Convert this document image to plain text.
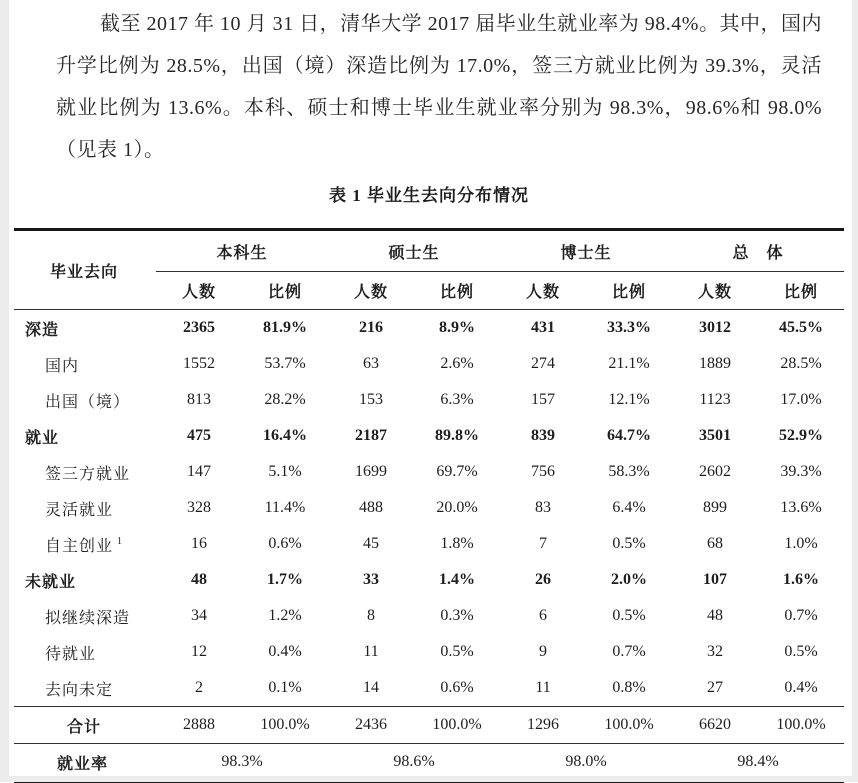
截至 2017 年 10 月 31 日，清华大学 2017 届毕业生就业率为 98.4%。其中，国内升学比例为 28.5%，出国（境）深造比例为 17.0%，签三方就业比例为 39.3%，灵活就业比例为 13.6%。本科、硕士和博士毕业生就业率分别为 98.3%，98.6%和 98.0%（见表 1）。

表 1 毕业生去向分布情况
毕业去向	本科生		硕士生		博士生		总　体	
	人数	比例	人数	比例	人数	比例	人数	比例
深造	2365	81.9%	216	8.9%	431	33.3%	3012	45.5%
国内	1552	53.7%	63	2.6%	274	21.1%	1889	28.5%
出国（境）	813	28.2%	153	6.3%	157	12.1%	1123	17.0%
就业	475	16.4%	2187	89.8%	839	64.7%	3501	52.9%
签三方就业	147	5.1%	1699	69.7%	756	58.3%	2602	39.3%
灵活就业	328	11.4%	488	20.0%	83	6.4%	899	13.6%
自主创业 $^1$	16	0.6%	45	1.8%	7	0.5%	68	1.0%
未就业	48	1.7%	33	1.4%	26	2.0%	107	1.6%
拟继续深造	34	1.2%	8	0.3%	6	0.5%	48	0.7%
待就业	12	0.4%	11	0.5%	9	0.7%	32	0.5%
去向未定	2	0.1%	14	0.6%	11	0.8%	27	0.4%
合计	2888	100.0%	2436	100.0%	1296	100.0%	6620	100.0%
就业率	98.3%		98.6%		98.0%		98.4%	
